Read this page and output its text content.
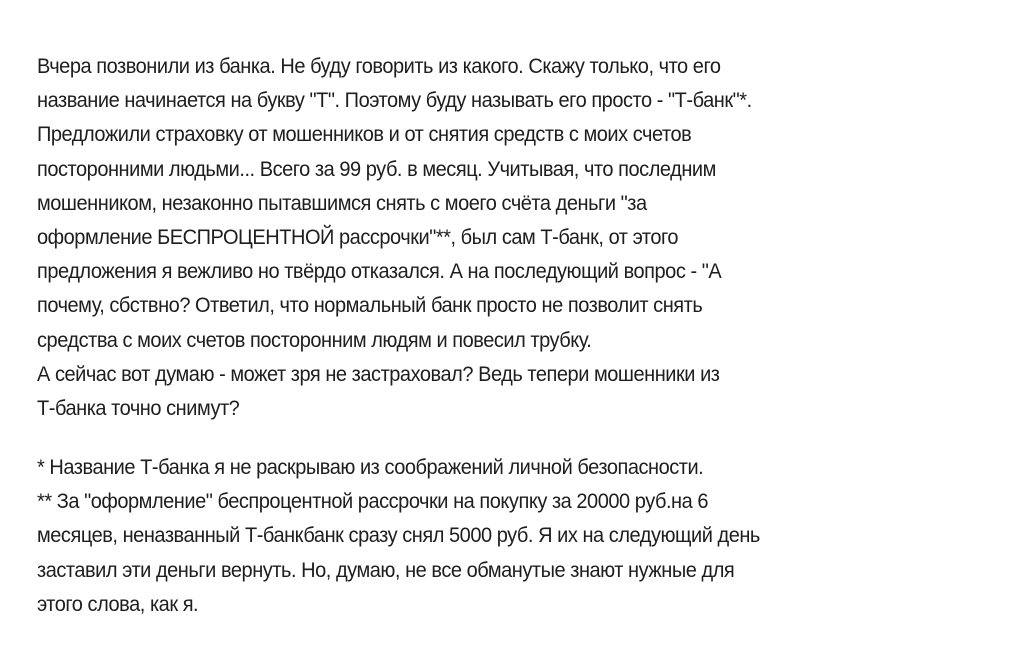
Вчера позвонили из банка. Не буду говорить из какого. Скажу только, что его
название начинается на букву "Т". Поэтому буду называть его просто - "Т-банк"*.
Предложили страховку от мошенников и от снятия средств с моих счетов
посторонними людьми... Всего за 99 руб. в месяц. Учитывая, что последним
мошенником, незаконно пытавшимся снять с моего счёта деньги "за
оформление БЕСПРОЦЕНТНОЙ рассрочки"**, был сам Т-банк, от этого
предложения я вежливо но твёрдо отказался. А на последующий вопрос - "А
почему, сбствно? Ответил, что нормальный банк просто не позволит снять
средства с моих счетов посторонним людям и повесил трубку.
А сейчас вот думаю - может зря не застраховал? Ведь тепери мошенники из
Т-банка точно снимут?
* Название Т-банка я не раскрываю из соображений личной безопасности.
** За "оформление" беспроцентной рассрочки на покупку за 20000 руб.на 6
месяцев, неназванный Т-банкбанк сразу снял 5000 руб. Я их на следующий день
заставил эти деньги вернуть. Но, думаю, не все обманутые знают нужные для
этого слова, как я.
